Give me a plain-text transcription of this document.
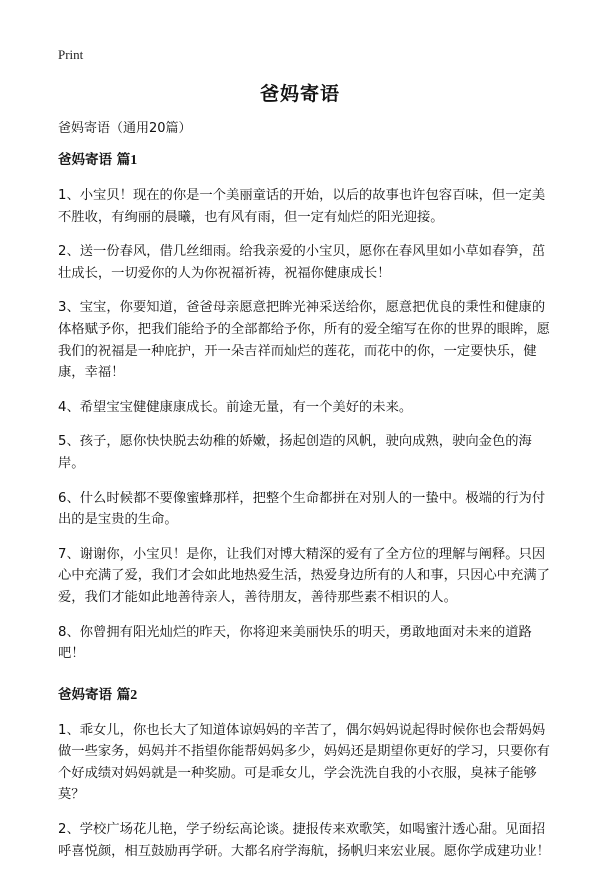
Print
爸妈寄语
爸妈寄语（通用20篇）
爸妈寄语 篇1

1、小宝贝！现在的你是一个美丽童话的开始，以后的故事也许包容百味，但一定美不胜收，有绚丽的晨曦，也有风有雨，但一定有灿烂的阳光迎接。

2、送一份春风，借几丝细雨。给我亲爱的小宝贝，愿你在春风里如小草如春笋，茁壮成长，一切爱你的人为你祝福祈祷，祝福你健康成长！

3、宝宝，你要知道，爸爸母亲愿意把眸光神采送给你，愿意把优良的秉性和健康的体格赋予你，把我们能给予的全部都给予你，所有的爱全缩写在你的世界的眼眸，愿我们的祝福是一种庇护，开一朵吉祥而灿烂的莲花，而花中的你，一定要快乐，健康，幸福！

4、希望宝宝健健康康成长。前途无量，有一个美好的未来。

5、孩子，愿你快快脱去幼稚的娇嫩，扬起创造的风帆，驶向成熟，驶向金色的海岸。

6、什么时候都不要像蜜蜂那样，把整个生命都拼在对别人的一蛰中。极端的行为付出的是宝贵的生命。

7、谢谢你，小宝贝！是你，让我们对博大精深的爱有了全方位的理解与阐释。只因心中充满了爱，我们才会如此地热爱生活，热爱身边所有的人和事，只因心中充满了爱，我们才能如此地善待亲人，善待朋友，善待那些素不相识的人。

8、你曾拥有阳光灿烂的昨天，你将迎来美丽快乐的明天，勇敢地面对未来的道路吧！

爸妈寄语 篇2

1、乖女儿，你也长大了知道体谅妈妈的辛苦了，偶尔妈妈说起得时候你也会帮妈妈做一些家务，妈妈并不指望你能帮妈妈多少，妈妈还是期望你更好的学习，只要你有个好成绩对妈妈就是一种奖励。可是乖女儿，学会洗洗自我的小衣服，臭袜子能够莫？

2、学校广场花儿艳，学子纷纭高论谈。捷报传来欢歌笑，如喝蜜汁透心甜。见面招呼喜悦颜，相互鼓励再学研。大都名府学海航，扬帆归来宏业展。愿你学成建功业！
